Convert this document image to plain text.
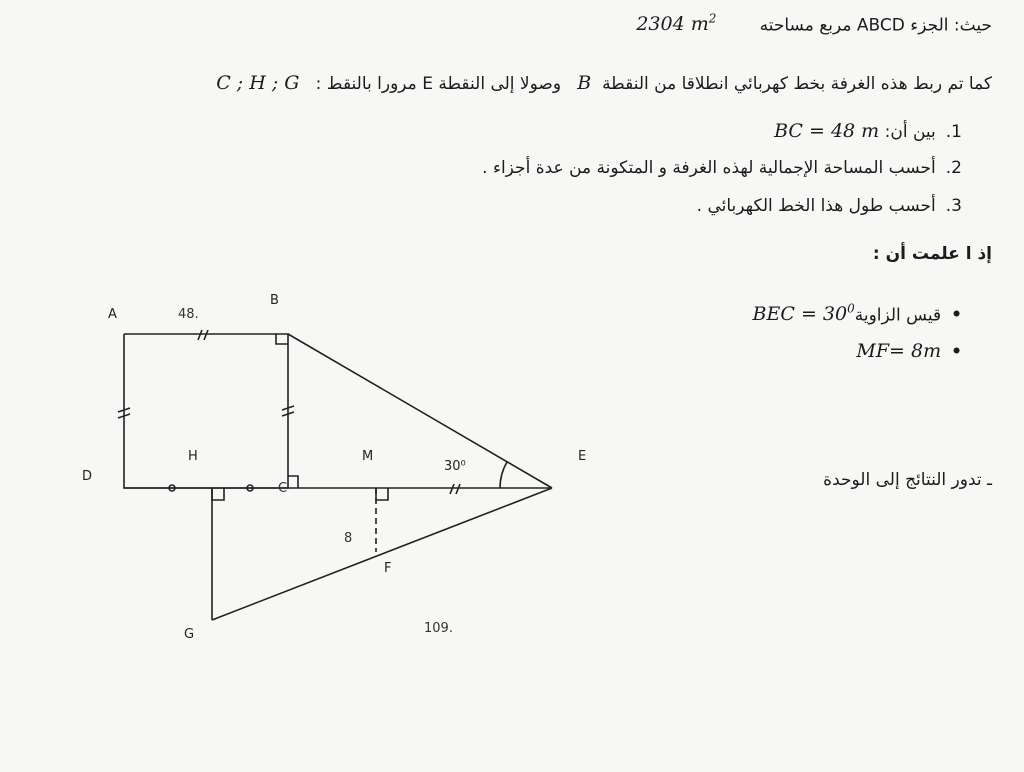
حيث: الجزء ABCD مربع مساحته        2304 $m^2$
كما تم ربط هذه الغرفة بخط كهربائي انطلاقا من النقطة  B   وصولا إلى النقطة E مرورا بالنقط :   C ; H ; G
1.بين أن: BC = 48 m
2.أحسب المساحة الإجمالية لهذه الغرفة و المتكونة من عدة أجزاء .
3.أحسب طول هذا الخط الكهربائي .
إذ ا علمت أن :
•قيس الزاويةBEC = $30^0$
•MF= 8m
ـ تدور النتائج إلى الوحدة
A
B
D
H	M	E
F
G
C
30⁰
48.
8
109.
